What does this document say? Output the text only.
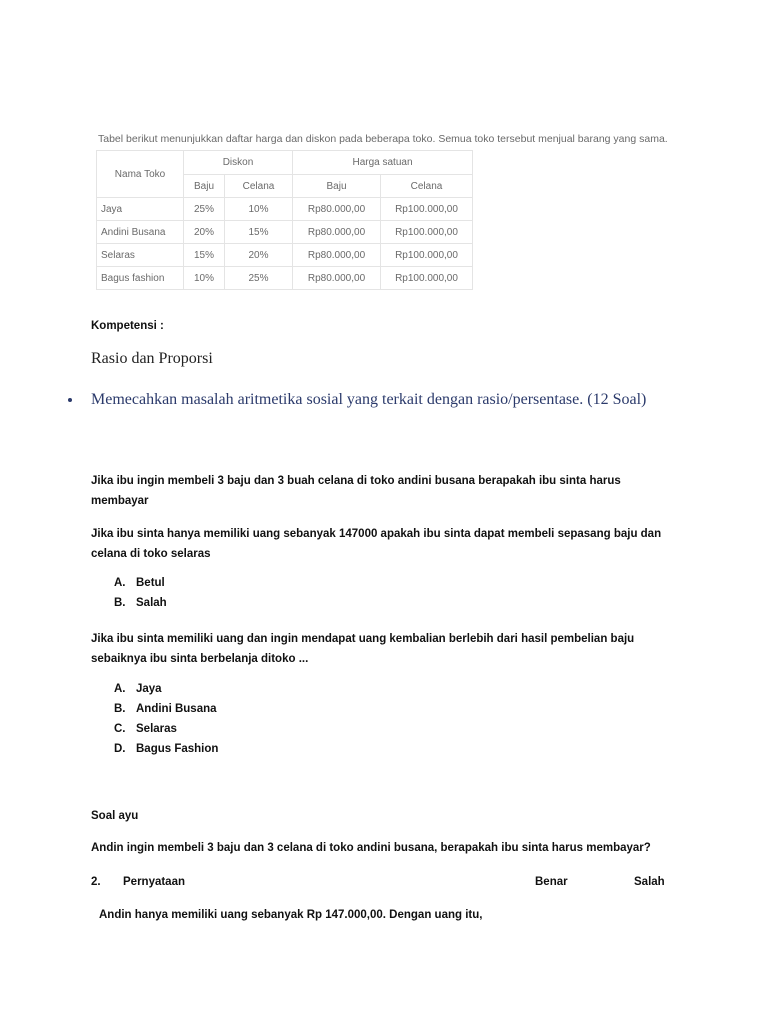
Tabel berikut menunjukkan daftar harga dan diskon pada beberapa toko. Semua toko tersebut menjual barang yang sama.
Nama Toko	Diskon		Harga satuan	
	Baju	Celana	Baju	Celana
Jaya	25%	10%	Rp80.000,00	Rp100.000,00
Andini Busana	20%	15%	Rp80.000,00	Rp100.000,00
Selaras	15%	20%	Rp80.000,00	Rp100.000,00
Bagus fashion	10%	25%	Rp80.000,00	Rp100.000,00
Kompetensi :
Rasio dan Proporsi
Memecahkan masalah aritmetika sosial yang terkait dengan rasio/persentase. (12 Soal)
Jika ibu ingin membeli 3 baju dan 3 buah celana di toko andini busana berapakah ibu sinta harus membayar
Jika ibu sinta hanya memiliki uang sebanyak 147000 apakah ibu sinta dapat membeli sepasang baju dan celana di toko selaras
A. Betul
B. Salah
Jika ibu sinta memiliki uang dan ingin mendapat uang kembalian berlebih dari hasil pembelian baju sebaiknya ibu sinta berbelanja ditoko ...
A. Jaya
B. Andini Busana
C. Selaras
D. Bagus Fashion
Soal ayu
Andin ingin membeli 3 baju dan 3 celana di toko andini busana, berapakah ibu sinta harus membayar?
2. Pernyataan	Benar	Salah
Andin hanya memiliki uang sebanyak Rp 147.000,00. Dengan uang itu,
